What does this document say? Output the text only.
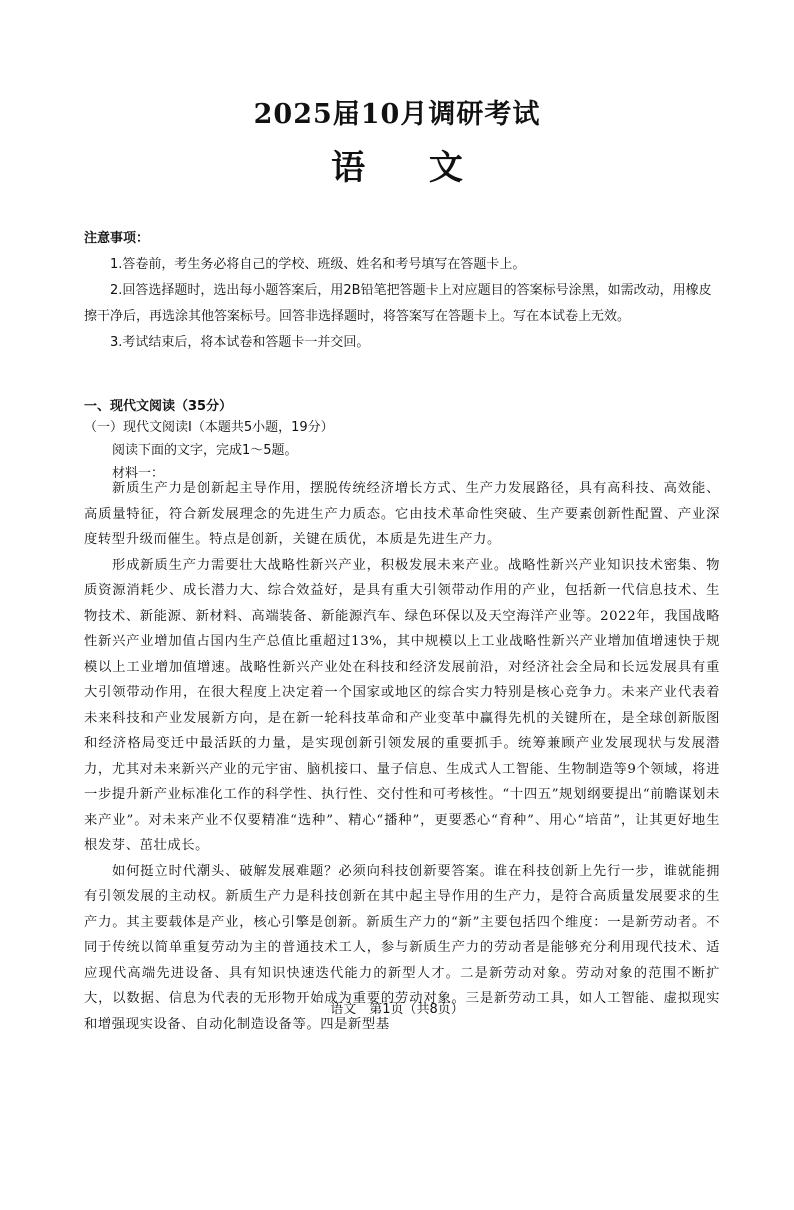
2025届10月调研考试
语 文

注意事项：

1.答卷前，考生务必将自己的学校、班级、姓名和考号填写在答题卡上。

2.回答选择题时，选出每小题答案后，用2B铅笔把答题卡上对应题目的答案标号涂黑，如需改动，用橡皮擦干净后，再选涂其他答案标号。回答非选择题时，将答案写在答题卡上。写在本试卷上无效。

3.考试结束后，将本试卷和答题卡一并交回。

一、现代文阅读（35分）
（一）现代文阅读Ⅰ（本题共5小题，19分）
阅读下面的文字，完成1～5题。
材料一：

新质生产力是创新起主导作用，摆脱传统经济增长方式、生产力发展路径，具有高科技、高效能、高质量特征，符合新发展理念的先进生产力质态。它由技术革命性突破、生产要素创新性配置、产业深度转型升级而催生。特点是创新，关键在质优，本质是先进生产力。

形成新质生产力需要壮大战略性新兴产业，积极发展未来产业。战略性新兴产业知识技术密集、物质资源消耗少、成长潜力大、综合效益好，是具有重大引领带动作用的产业，包括新一代信息技术、生物技术、新能源、新材料、高端装备、新能源汽车、绿色环保以及天空海洋产业等。2022年，我国战略性新兴产业增加值占国内生产总值比重超过13%，其中规模以上工业战略性新兴产业增加值增速快于规模以上工业增加值增速。战略性新兴产业处在科技和经济发展前沿，对经济社会全局和长远发展具有重大引领带动作用，在很大程度上决定着一个国家或地区的综合实力特别是核心竞争力。未来产业代表着未来科技和产业发展新方向，是在新一轮科技革命和产业变革中赢得先机的关键所在，是全球创新版图和经济格局变迁中最活跃的力量，是实现创新引领发展的重要抓手。统筹兼顾产业发展现状与发展潜力，尤其对未来新兴产业的元宇宙、脑机接口、量子信息、生成式人工智能、生物制造等9个领域，将进一步提升新产业标准化工作的科学性、执行性、交付性和可考核性。“十四五”规划纲要提出“前瞻谋划未来产业”。对未来产业不仅要精准“选种”、精心“播种”，更要悉心“育种”、用心“培苗”，让其更好地生根发芽、茁壮成长。

如何挺立时代潮头、破解发展难题？必须向科技创新要答案。谁在科技创新上先行一步，谁就能拥有引领发展的主动权。新质生产力是科技创新在其中起主导作用的生产力，是符合高质量发展要求的生产力。其主要载体是产业，核心引擎是创新。新质生产力的“新”主要包括四个维度：一是新劳动者。不同于传统以简单重复劳动为主的普通技术工人，参与新质生产力的劳动者是能够充分利用现代技术、适应现代高端先进设备、具有知识快速迭代能力的新型人才。二是新劳动对象。劳动对象的范围不断扩大，以数据、信息为代表的无形物开始成为重要的劳动对象。三是新劳动工具，如人工智能、虚拟现实和增强现实设备、自动化制造设备等。四是新型基

语文　第1页（共8页）
